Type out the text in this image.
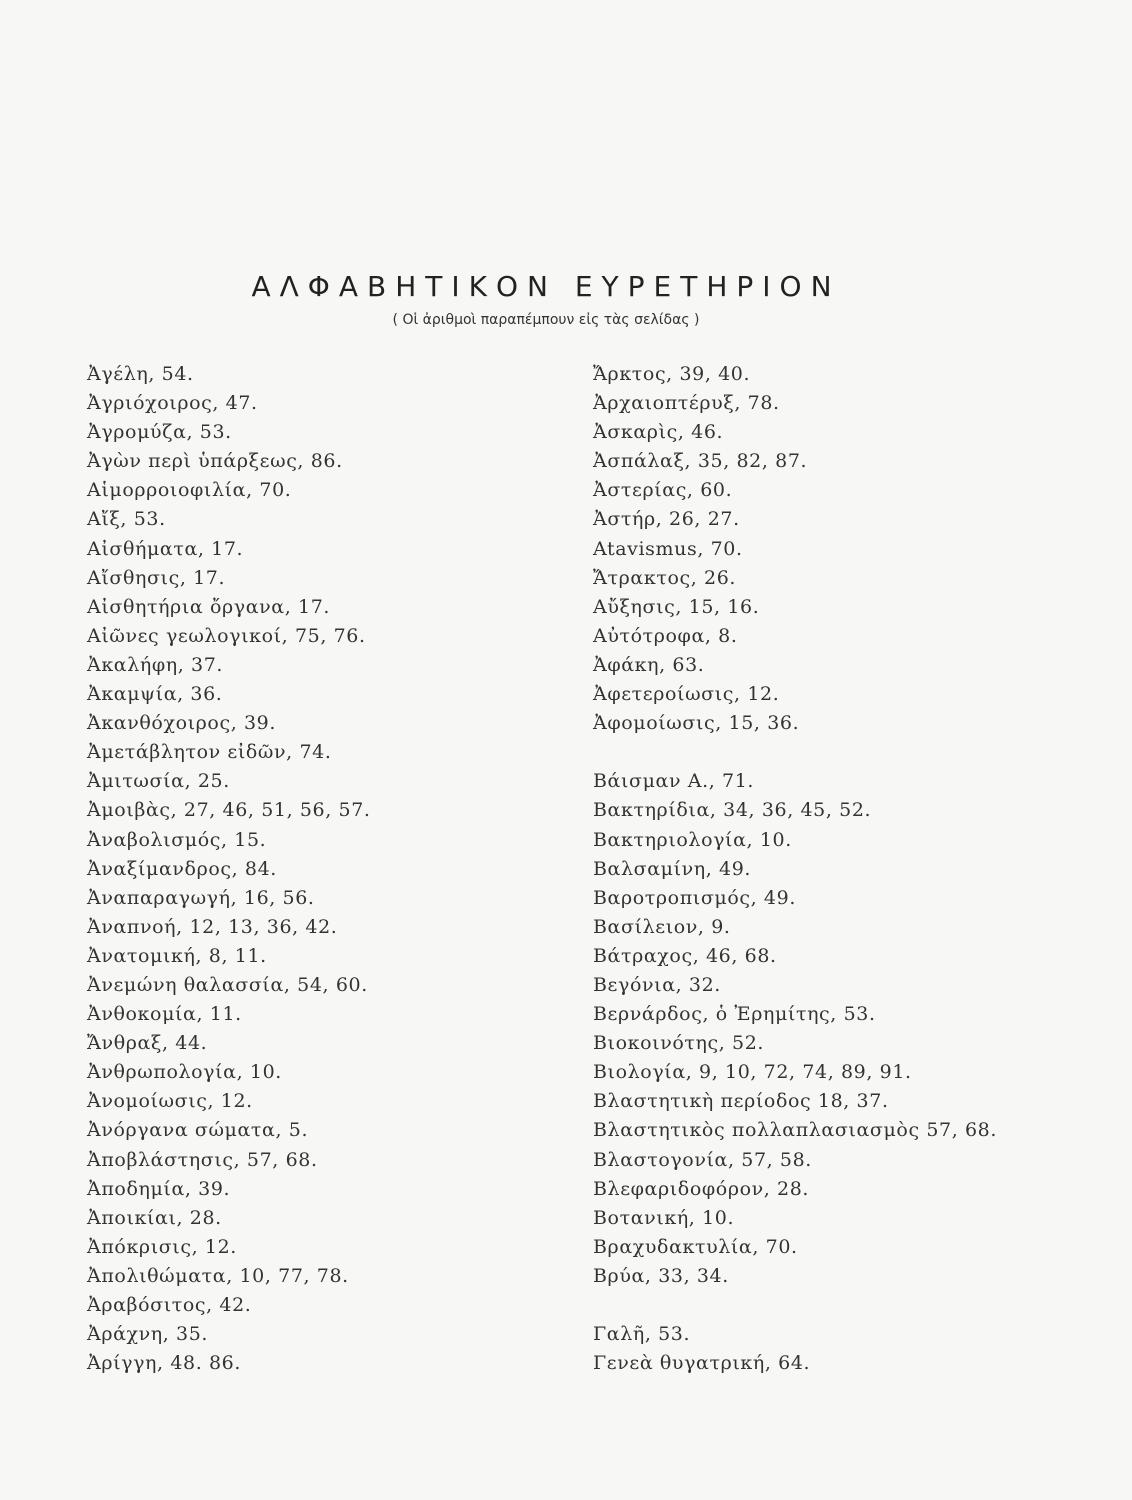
ΑΛΦΑΒΗΤΙΚΟΝ ΕΥΡΕΤΗΡΙΟΝ
( Οἱ ἀριθμοὶ παραπέμπουν εἰς τὰς σελίδας )
Ἀγέλη, 54.
Ἀγριόχοιρος, 47.
Ἀγρομύζα, 53.
Ἀγὼν περὶ ὑπάρξεως, 86.
Αἱμορροιοφιλία, 70.
Αἴξ, 53.
Αἰσθήματα, 17.
Αἴσθησις, 17.
Αἰσθητήρια ὄργανα, 17.
Αἰῶνες γεωλογικοί, 75, 76.
Ἀκαλήφη, 37.
Ἀκαμψία, 36.
Ἀκανθόχοιρος, 39.
Ἀμετάβλητον εἰδῶν, 74.
Ἀμιτωσία, 25.
Ἀμοιβὰς, 27, 46, 51, 56, 57.
Ἀναβολισμός, 15.
Ἀναξίμανδρος, 84.
Ἀναπαραγωγή, 16, 56.
Ἀναπνοή, 12, 13, 36, 42.
Ἀνατομική, 8, 11.
Ἀνεμώνη θαλασσία, 54, 60.
Ἀνθοκομία, 11.
Ἄνθραξ, 44.
Ἀνθρωπολογία, 10.
Ἀνομοίωσις, 12.
Ἀνόργανα σώματα, 5.
Ἀποβλάστησις, 57, 68.
Ἀποδημία, 39.
Ἀποικίαι, 28.
Ἀπόκρισις, 12.
Ἀπολιθώματα, 10, 77, 78.
Ἀραβόσιτος, 42.
Ἀράχνη, 35.
Ἀρίγγη, 48. 86.
Ἄρκτος, 39, 40.
Ἀρχαιοπτέρυξ, 78.
Ἀσκαρὶς, 46.
Ἀσπάλαξ, 35, 82, 87.
Ἀστερίας, 60.
Ἀστήρ, 26, 27.
Atavismus, 70.
Ἄτρακτος, 26.
Αὔξησις, 15, 16.
Αὐτότροφα, 8.
Ἀφάκη, 63.
Ἀφετεροίωσις, 12.
Ἀφομοίωσις, 15, 36.
Βάισμαν Α., 71.
Βακτηρίδια, 34, 36, 45, 52.
Βακτηριολογία, 10.
Βαλσαμίνη, 49.
Βαροτροπισμός, 49.
Βασίλειον, 9.
Βάτραχος, 46, 68.
Βεγόνια, 32.
Βερνάρδος, ὁ Ἐρημίτης, 53.
Βιοκοινότης, 52.
Βιολογία, 9, 10, 72, 74, 89, 91.
Βλαστητικὴ περίοδος 18, 37.
Βλαστητικὸς πολλαπλασιασμὸς 57, 68.
Βλαστογονία, 57, 58.
Βλεφαριδοφόρον, 28.
Βοτανική, 10.
Βραχυδακτυλία, 70.
Βρύα, 33, 34.
Γαλῆ, 53.
Γενεὰ θυγατρική, 64.
